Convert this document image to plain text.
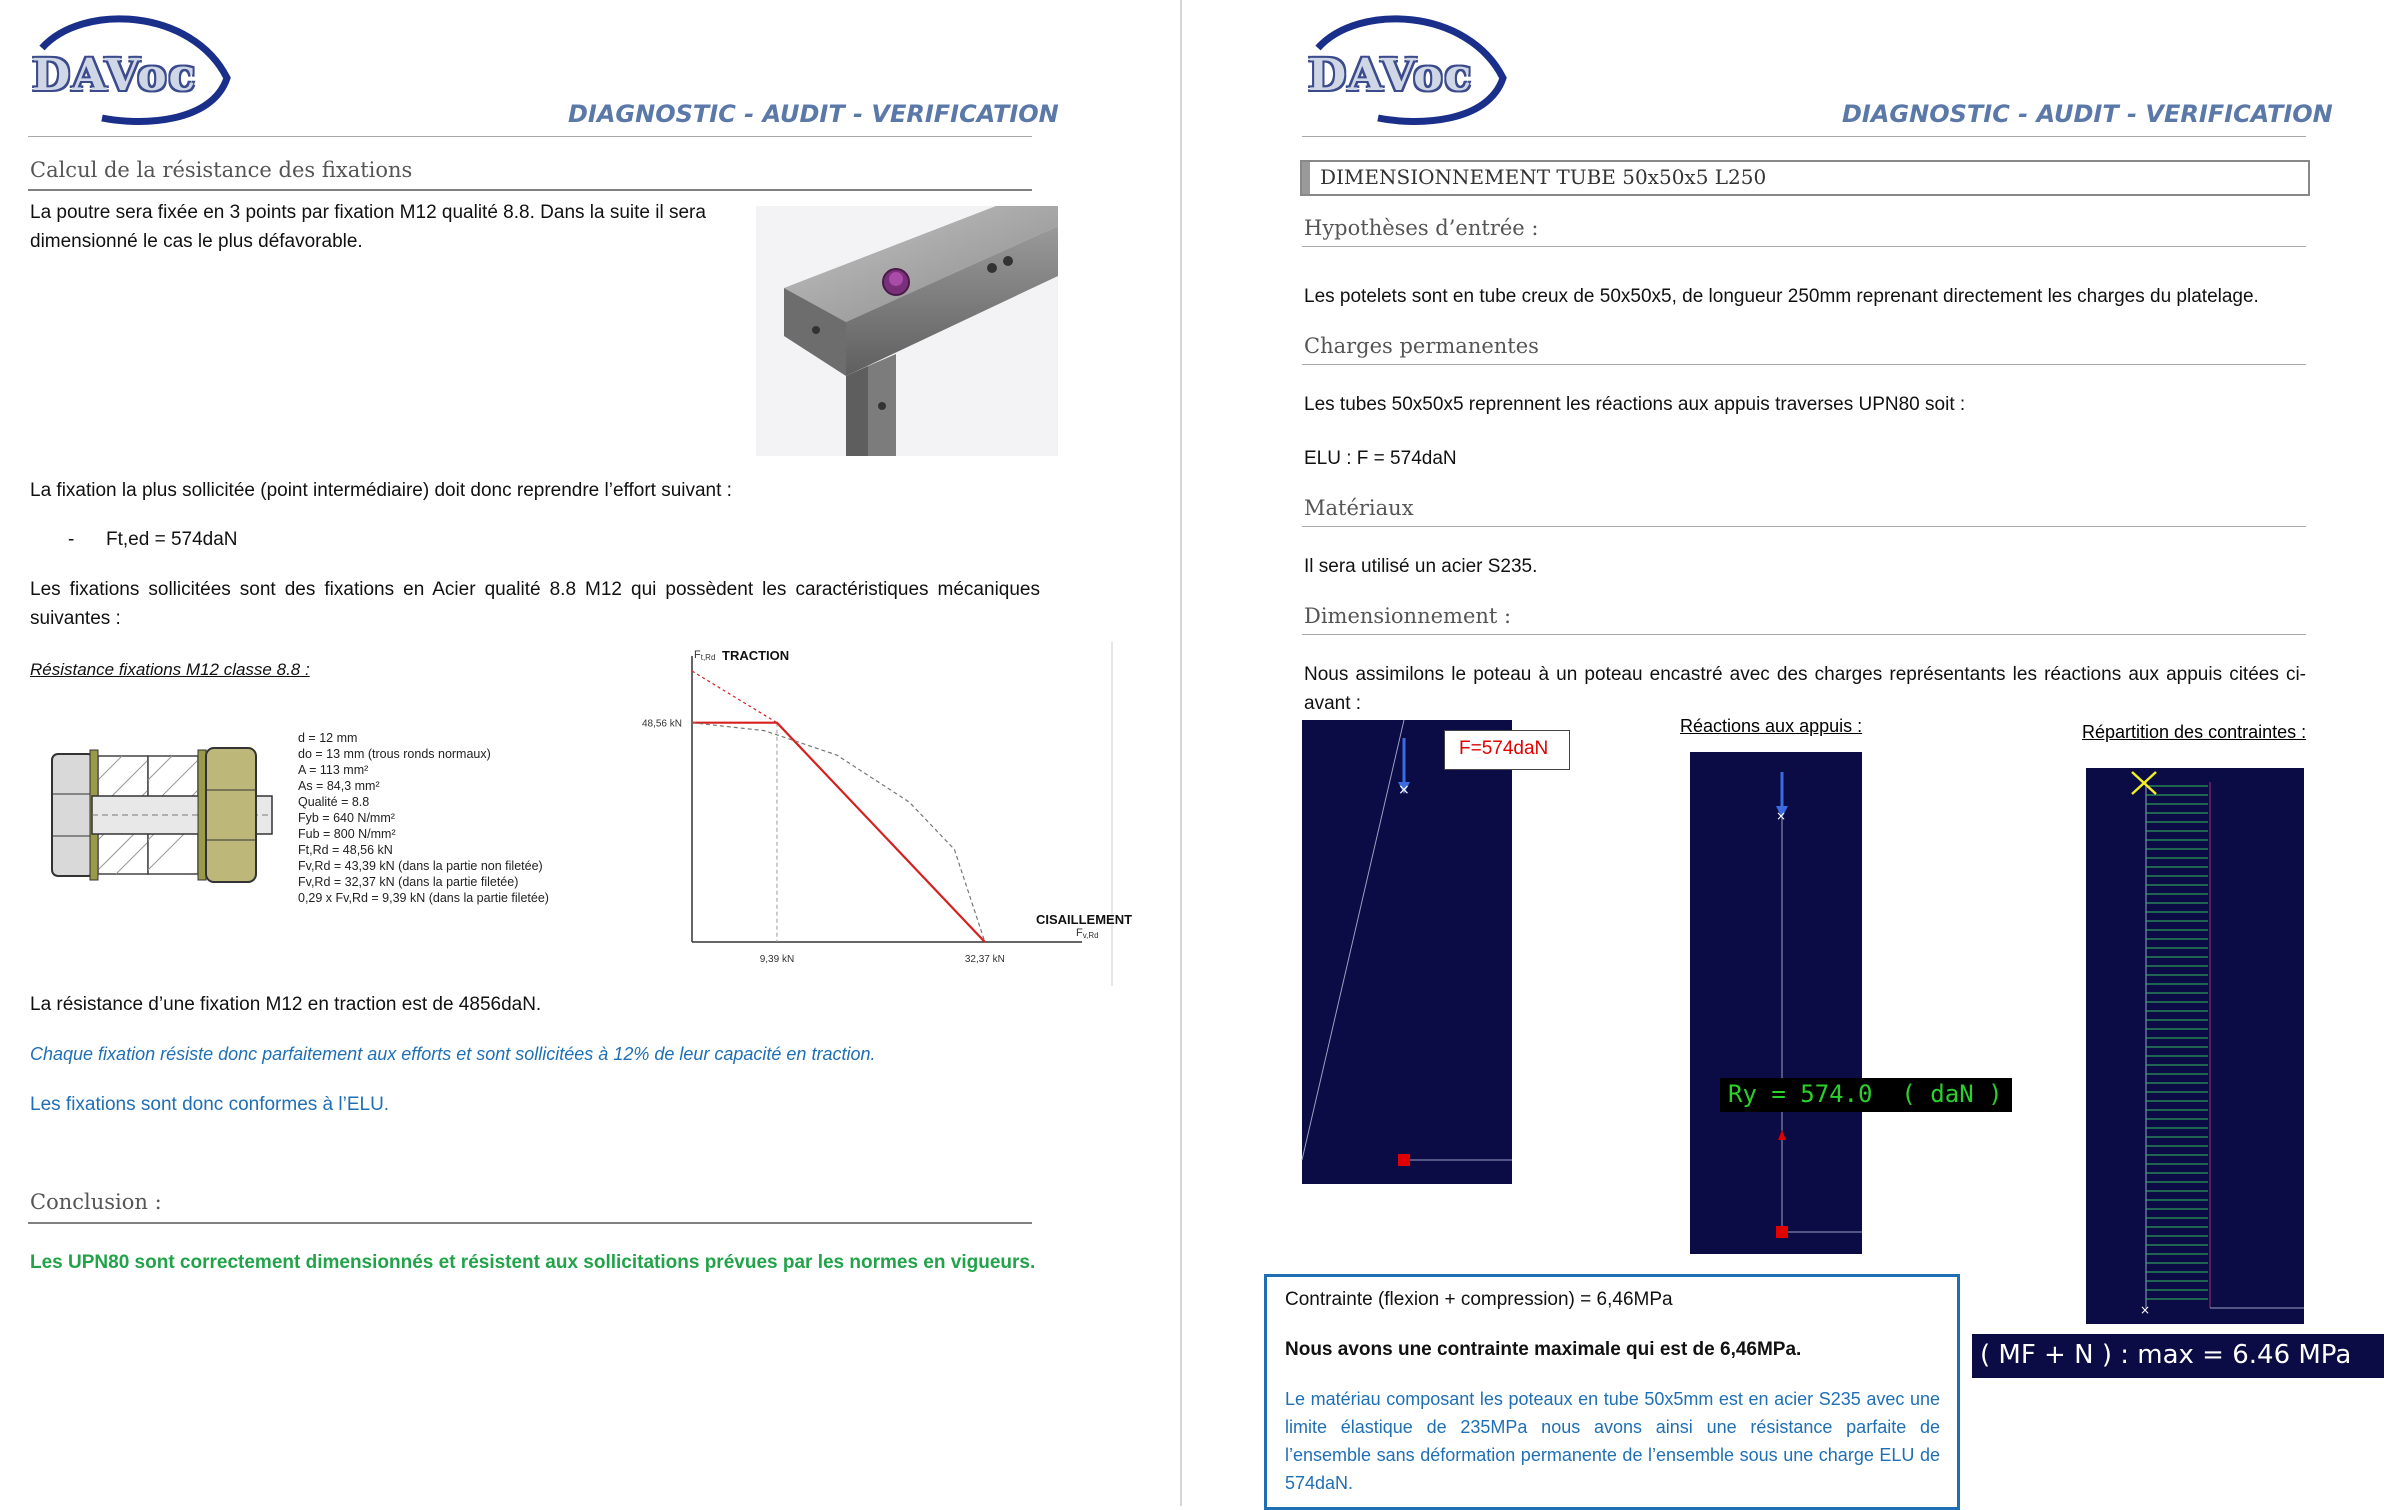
DAVoc
DIAGNOSTIC - AUDIT - VERIFICATION
Calcul de la résistance des fixations
La poutre sera fixée en 3 points par fixation M12 qualité 8.8. Dans la suite il sera dimensionné le cas le plus défavorable.
La fixation la plus sollicitée (point intermédiaire) doit donc reprendre l’effort suivant :
- Ft,ed = 574daN
Les fixations sollicitées sont des fixations en Acier qualité 8.8 M12 qui possèdent les caractéristiques mécaniques suivantes :
Résistance fixations M12 classe 8.8 :
d = 12 mm
do = 13 mm (trous ronds normaux)
A = 113 mm²
As = 84,3 mm²
Qualité = 8.8
Fyb = 640 N/mm²
Fub = 800 N/mm²
Ft,Rd = 48,56 kN
Fv,Rd = 43,39 kN (dans la partie non filetée)
Fv,Rd = 32,37 kN (dans la partie filetée)
0,29 x Fv,Rd = 9,39 kN (dans la partie filetée)
Ft,Rd TRACTION
CISAILLEMENT
Fv,Rd
48,56 kN
9,39 kN	32,37 kN
La résistance d’une fixation M12 en traction est de 4856daN.
Chaque fixation résiste donc parfaitement aux efforts et sont sollicitées à 12% de leur capacité en traction.
Les fixations sont donc conformes à l’ELU.
Conclusion :
Les UPN80 sont correctement dimensionnés et résistent aux sollicitations prévues par les normes en vigueurs.
DAVoc
DIAGNOSTIC - AUDIT - VERIFICATION
DIMENSIONNEMENT TUBE 50x50x5 L250
Hypothèses d’entrée :
Les potelets sont en tube creux de 50x50x5, de longueur 250mm reprenant directement les charges du platelage.
Charges permanentes
Les tubes 50x50x5 reprennent les réactions aux appuis traverses UPN80 soit :
ELU : F = 574daN
Matériaux
Il sera utilisé un acier S235.
Dimensionnement :
Nous assimilons le poteau à un poteau encastré avec des charges représentants les réactions aux appuis citées ci-avant :
×
F=574daN
Réactions aux appuis :
×
Ry = 574.0  ( daN )
Répartition des contraintes :
×
( MF + N ) : max = 6.46 MPa
Contrainte (flexion + compression) = 6,46MPa
Nous avons une contrainte maximale qui est de 6,46MPa.
Le matériau composant les poteaux en tube 50x5mm est en acier S235 avec une limite élastique de 235MPa nous avons ainsi une résistance parfaite de l’ensemble sans déformation permanente de l’ensemble sous une charge ELU de 574daN.
